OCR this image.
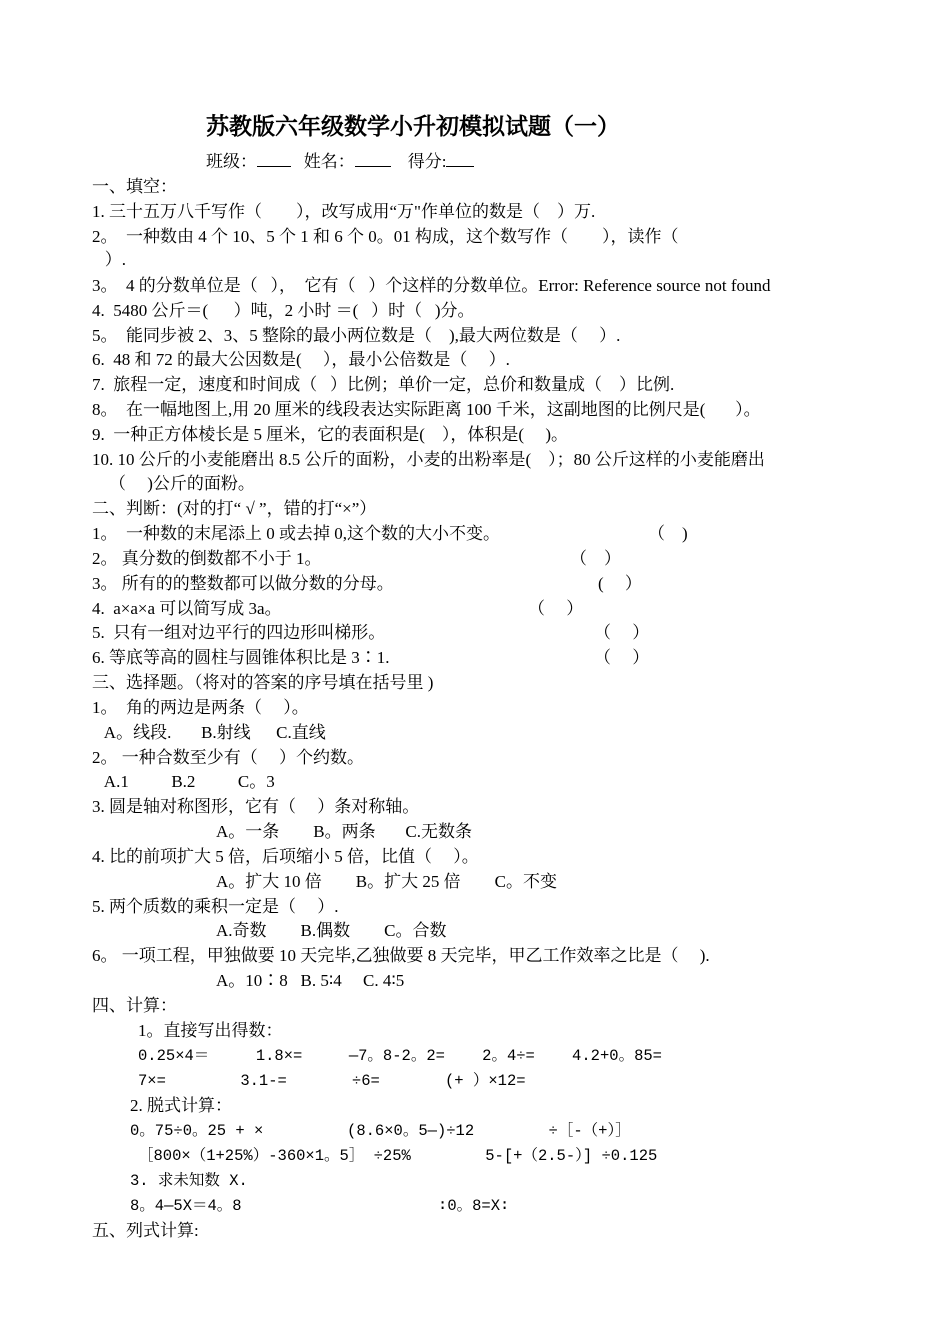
苏教版六年级数学小升初模拟试题（一）
班级：	姓名：	得分:
一、填空：
1. 三十五万八千写作（        ），改写成用“万"作单位的数是（    ）万.
2。  一种数由 4 个 10、5 个 1 和 6 个 0。01 构成，这个数写作（        ），读作（
）.
3。  4 的分数单位是（   ），  它有（   ）个这样的分数单位。Error: Reference source not found
4.  5480 公斤＝(      ）吨，2 小时 ＝(   ）时（   )分。
5。  能同步被 2、3、5 整除的最小两位数是（    ),最大两位数是（     ）.
6.  48 和 72 的最大公因数是(     ），最小公倍数是（     ）.
7.  旅程一定，速度和时间成（   ）比例；单价一定，总价和数量成（    ）比例.
8。  在一幅地图上,用 20 厘米的线段表达实际距离 100 千米，这副地图的比例尺是(       ）。
9.  一种正方体棱长是 5 厘米，它的表面积是(    ），体积是(     )。
10. 10 公斤的小麦能磨出 8.5 公斤的面粉，小麦的出粉率是(    ）；80 公斤这样的小麦能磨出
（     )公斤的面粉。
二、判断：(对的打“ √ ”，错的打“×”）
1。  一种数的末尾添上 0 或去掉 0,这个数的大小不变。	（    )
2。 真分数的倒数都不小于 1。	（    ）
3。 所有的的整数都可以做分数的分母。	(     ）
4.  a×a×a 可以简写成 3a。	（     ）
5.  只有一组对边平行的四边形叫梯形。	（     ）
6. 等底等高的圆柱与圆锥体积比是 3∶1.	（     ）
三、选择题。（将对的答案的序号填在括号里 )
1。  角的两边是两条（     ）。
A。线段.       B.射线      C.直线
2。 一种合数至少有（     ）个约数。
A.1          B.2          C。3
3. 圆是轴对称图形，它有（     ）条对称轴。
A。一条        B。两条       C.无数条
4. 比的前项扩大 5 倍，后项缩小 5 倍，比值（     ）。
A。扩大 10 倍        B。扩大 25 倍        C。不变
5. 两个质数的乘积一定是（     ）.
A.奇数        B.偶数        C。合数
6。 一项工程，甲独做要 10 天完毕,乙独做要 8 天完毕，甲乙工作效率之比是（     ).
A。10∶8   B. 5∶4     C. 4∶5
四、计算：
1。直接写出得数：
0.25×4＝     1.8×=     —7。8-2。2=    2。4÷=    4.2+0。85=
7×=        3.1-=       ÷6=       (+ ）×12=
2. 脱式计算：
0。75÷0。25 + ×         (8.6×0。5—)÷12        ÷［-（+）］
［800×（1+25%）-360×1。5］ ÷25%        5-[+（2.5-）] ÷0.125
3. 求未知数 X.
8。4—5X＝4。8	∶0。8=X∶
五、列式计算:
